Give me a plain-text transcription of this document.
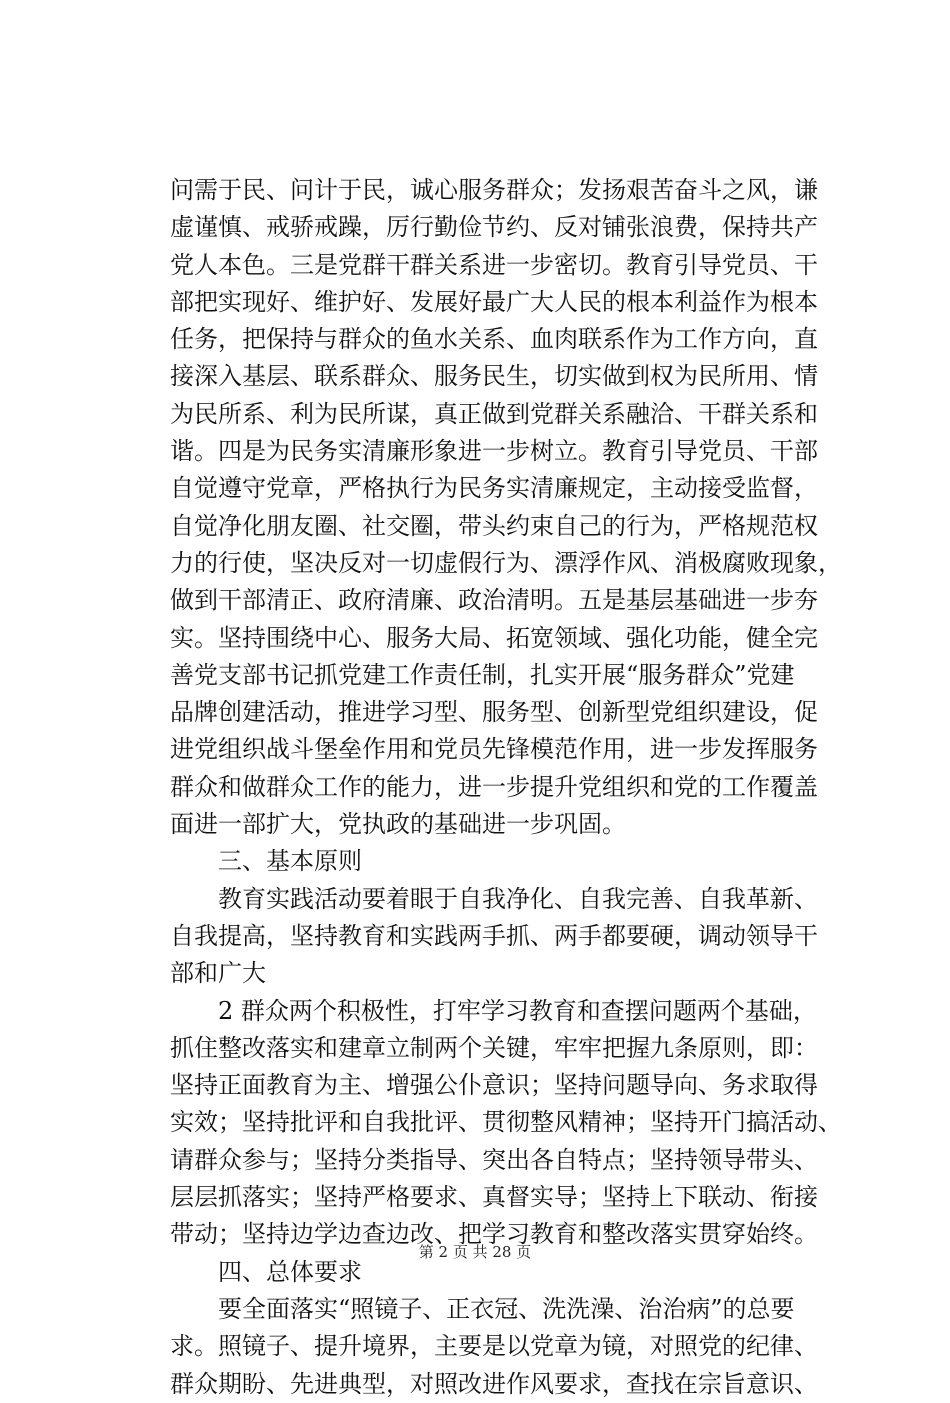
问需于民、问计于民，诚心服务群众；发扬艰苦奋斗之风，谦
虚谨慎、戒骄戒躁，厉行勤俭节约、反对铺张浪费，保持共产
党人本色。三是党群干群关系进一步密切。教育引导党员、干
部把实现好、维护好、发展好最广大人民的根本利益作为根本
任务，把保持与群众的鱼水关系、血肉联系作为工作方向，直
接深入基层、联系群众、服务民生，切实做到权为民所用、情
为民所系、利为民所谋，真正做到党群关系融洽、干群关系和
谐。四是为民务实清廉形象进一步树立。教育引导党员、干部
自觉遵守党章，严格执行为民务实清廉规定，主动接受监督，
自觉净化朋友圈、社交圈，带头约束自己的行为，严格规范权
力的行使，坚决反对一切虚假行为、漂浮作风、消极腐败现象，
做到干部清正、政府清廉、政治清明。五是基层基础进一步夯
实。坚持围绕中心、服务大局、拓宽领域、强化功能，健全完
善党支部书记抓党建工作责任制，扎实开展“服务群众”党建
品牌创建活动，推进学习型、服务型、创新型党组织建设，促
进党组织战斗堡垒作用和党员先锋模范作用，进一步发挥服务
群众和做群众工作的能力，进一步提升党组织和党的工作覆盖
面进一部扩大，党执政的基础进一步巩固。
三、基本原则
教育实践活动要着眼于自我净化、自我完善、自我革新、
自我提高，坚持教育和实践两手抓、两手都要硬，调动领导干
部和广大
2 群众两个积极性，打牢学习教育和查摆问题两个基础，
抓住整改落实和建章立制两个关键，牢牢把握九条原则，即：
坚持正面教育为主、增强公仆意识；坚持问题导向、务求取得
实效；坚持批评和自我批评、贯彻整风精神；坚持开门搞活动、
请群众参与；坚持分类指导、突出各自特点；坚持领导带头、
层层抓落实；坚持严格要求、真督实导；坚持上下联动、衔接
带动；坚持边学边查边改、把学习教育和整改落实贯穿始终。
四、总体要求
要全面落实“照镜子、正衣冠、洗洗澡、治治病”的总要
求。照镜子、提升境界，主要是以党章为镜，对照党的纪律、
群众期盼、先进典型，对照改进作风要求，查找在宗旨意识、
第 2 页 共 28 页
